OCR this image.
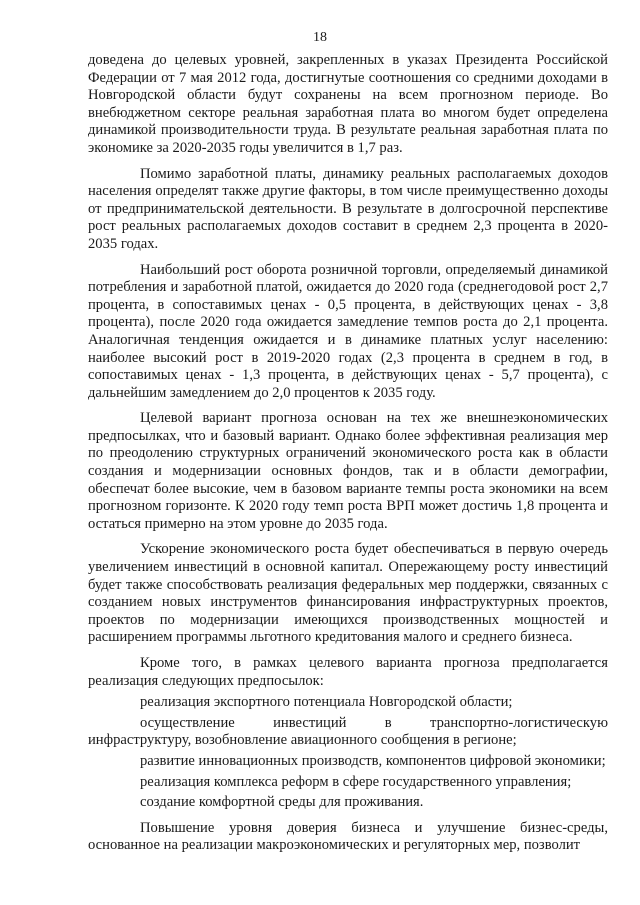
18

доведена до целевых уровней, закрепленных в указах Президента Российской Федерации от 7 мая 2012 года, достигнутые соотношения со средними доходами в Новгородской области будут сохранены на всем прогнозном периоде. Во внебюджетном секторе реальная заработная плата во многом будет определена динамикой производительности труда. В результате реальная заработная плата по экономике за 2020-2035 годы увеличится в 1,7 раз.

Помимо заработной платы, динамику реальных располагаемых доходов населения определят также другие факторы, в том числе преимущественно доходы от предпринимательской деятельности. В результате в долгосрочной перспективе рост реальных располагаемых доходов составит в среднем 2,3 процента в 2020-2035 годах.

Наибольший рост оборота розничной торговли, определяемый динамикой потребления и заработной платой, ожидается до 2020 года (среднегодовой рост 2,7 процента, в сопоставимых ценах - 0,5 процента, в действующих ценах - 3,8 процента), после 2020 года ожидается замедление темпов роста до 2,1 процента. Аналогичная тенденция ожидается и в динамике платных услуг населению: наиболее высокий рост в 2019-2020 годах (2,3 процента в среднем в год, в сопоставимых ценах - 1,3 процента, в действующих ценах - 5,7 процента), с дальнейшим замедлением до 2,0 процентов к 2035 году.

Целевой вариант прогноза основан на тех же внешнеэкономических предпосылках, что и базовый вариант. Однако более эффективная реализация мер по преодолению структурных ограничений экономического роста как в области создания и модернизации основных фондов, так и в области демографии, обеспечат более высокие, чем в базовом варианте темпы роста экономики на всем прогнозном горизонте. К 2020 году темп роста ВРП может достичь 1,8 процента и остаться примерно на этом уровне до 2035 года.

Ускорение экономического роста будет обеспечиваться в первую очередь увеличением инвестиций в основной капитал. Опережающему росту инвестиций будет также способствовать реализация федеральных мер поддержки, связанных с созданием новых инструментов финансирования инфраструктурных проектов, проектов по модернизации имеющихся производственных мощностей и расширением программы льготного кредитования малого и среднего бизнеса.

Кроме того, в рамках целевого варианта прогноза предполагается реализация следующих предпосылок:

реализация экспортного потенциала Новгородской области;

осуществление инвестиций в транспортно-логистическую инфраструктуру, возобновление авиационного сообщения в регионе;

развитие инновационных производств, компонентов цифровой экономики;

реализация комплекса реформ в сфере государственного управления;

создание комфортной среды для проживания.

Повышение уровня доверия бизнеса и улучшение бизнес-среды, основанное на реализации макроэкономических и регуляторных мер, позволит
